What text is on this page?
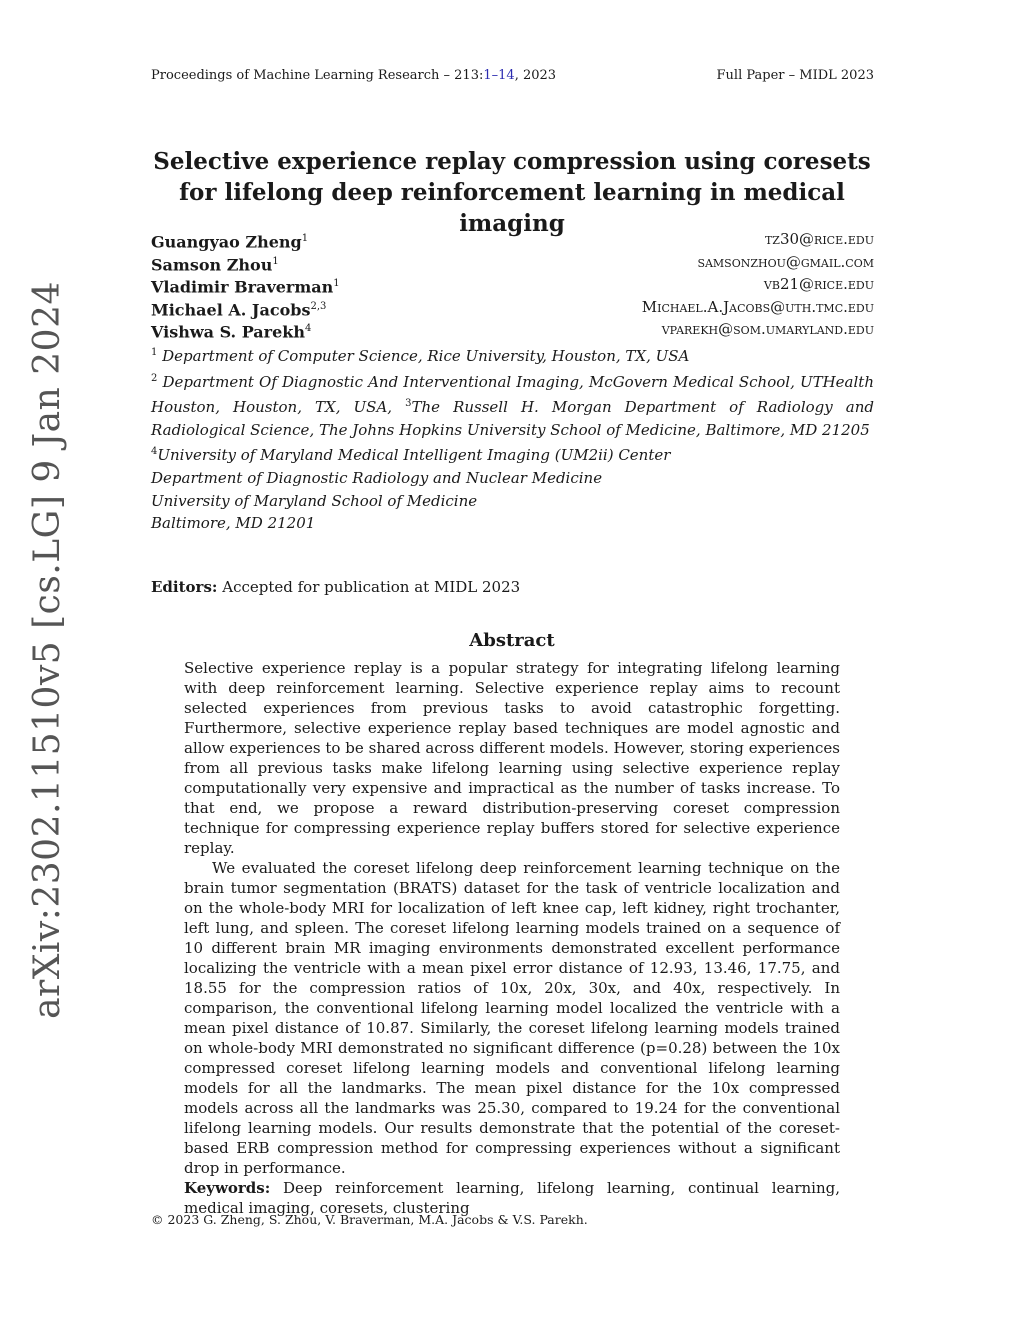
Proceedings of Machine Learning Research – 213:1–14, 2023	Full Paper – MIDL 2023
arXiv:2302.11510v5 [cs.LG] 9 Jan 2024
Selective experience replay compression using coresets for lifelong deep reinforcement learning in medical imaging
Guangyao Zheng$^1$	tz30@rice.edu
Samson Zhou$^1$	samsonzhou@gmail.com
Vladimir Braverman$^1$	vb21@rice.edu
Michael A. Jacobs$^{2,3}$	Michael.A.Jacobs@uth.tmc.edu
Vishwa S. Parekh$^4$	vparekh@som.umaryland.edu

$^1$ Department of Computer Science, Rice University, Houston, TX, USA

$^2$ Department Of Diagnostic And Interventional Imaging, McGovern Medical School, UTHealth Houston, Houston, TX, USA, $^3$The Russell H. Morgan Department of Radiology and Radiological Science, The Johns Hopkins University School of Medicine, Baltimore, MD 21205

$^4$University of Maryland Medical Intelligent Imaging (UM2ii) Center

Department of Diagnostic Radiology and Nuclear Medicine

University of Maryland School of Medicine

Baltimore, MD 21201

Editors: Accepted for publication at MIDL 2023
Abstract

Selective experience replay is a popular strategy for integrating lifelong learning with deep reinforcement learning. Selective experience replay aims to recount selected experiences from previous tasks to avoid catastrophic forgetting. Furthermore, selective experience replay based techniques are model agnostic and allow experiences to be shared across different models. However, storing experiences from all previous tasks make lifelong learning using selective experience replay computationally very expensive and impractical as the number of tasks increase. To that end, we propose a reward distribution-preserving coreset compression technique for compressing experience replay buffers stored for selective experience replay.

We evaluated the coreset lifelong deep reinforcement learning technique on the brain tumor segmentation (BRATS) dataset for the task of ventricle localization and on the whole-body MRI for localization of left knee cap, left kidney, right trochanter, left lung, and spleen. The coreset lifelong learning models trained on a sequence of 10 different brain MR imaging environments demonstrated excellent performance localizing the ventricle with a mean pixel error distance of 12.93, 13.46, 17.75, and 18.55 for the compression ratios of 10x, 20x, 30x, and 40x, respectively. In comparison, the conventional lifelong learning model localized the ventricle with a mean pixel distance of 10.87. Similarly, the coreset lifelong learning models trained on whole-body MRI demonstrated no significant difference (p=0.28) between the 10x compressed coreset lifelong learning models and conventional lifelong learning models for all the landmarks. The mean pixel distance for the 10x compressed models across all the landmarks was 25.30, compared to 19.24 for the conventional lifelong learning models. Our results demonstrate that the potential of the coreset-based ERB compression method for compressing experiences without a significant drop in performance.

Keywords: Deep reinforcement learning, lifelong learning, continual learning, medical imaging, coresets, clustering

© 2023 G. Zheng, S. Zhou, V. Braverman, M.A. Jacobs & V.S. Parekh.
